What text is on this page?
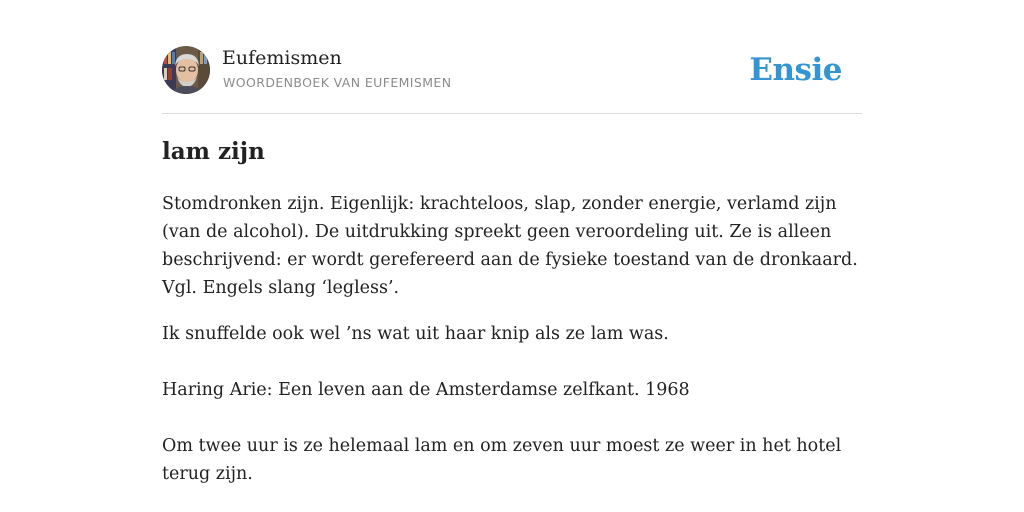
Eufemismen
WOORDENBOEK VAN EUFEMISMEN	Ensie
lam zijn

Stomdronken zijn. Eigenlijk: krachteloos, slap, zonder energie, verlamd zijn (van de alcohol). De uitdrukking spreekt geen veroordeling uit. Ze is alleen beschrijvend: er wordt gerefereerd aan de fysieke toestand van de dronkaard. Vgl. Engels slang ‘legless’.

Ik snuffelde ook wel ’ns wat uit haar knip als ze lam was.

Haring Arie: Een leven aan de Amsterdamse zelfkant. 1968

Om twee uur is ze helemaal lam en om zeven uur moest ze weer in het hotel terug zijn.
